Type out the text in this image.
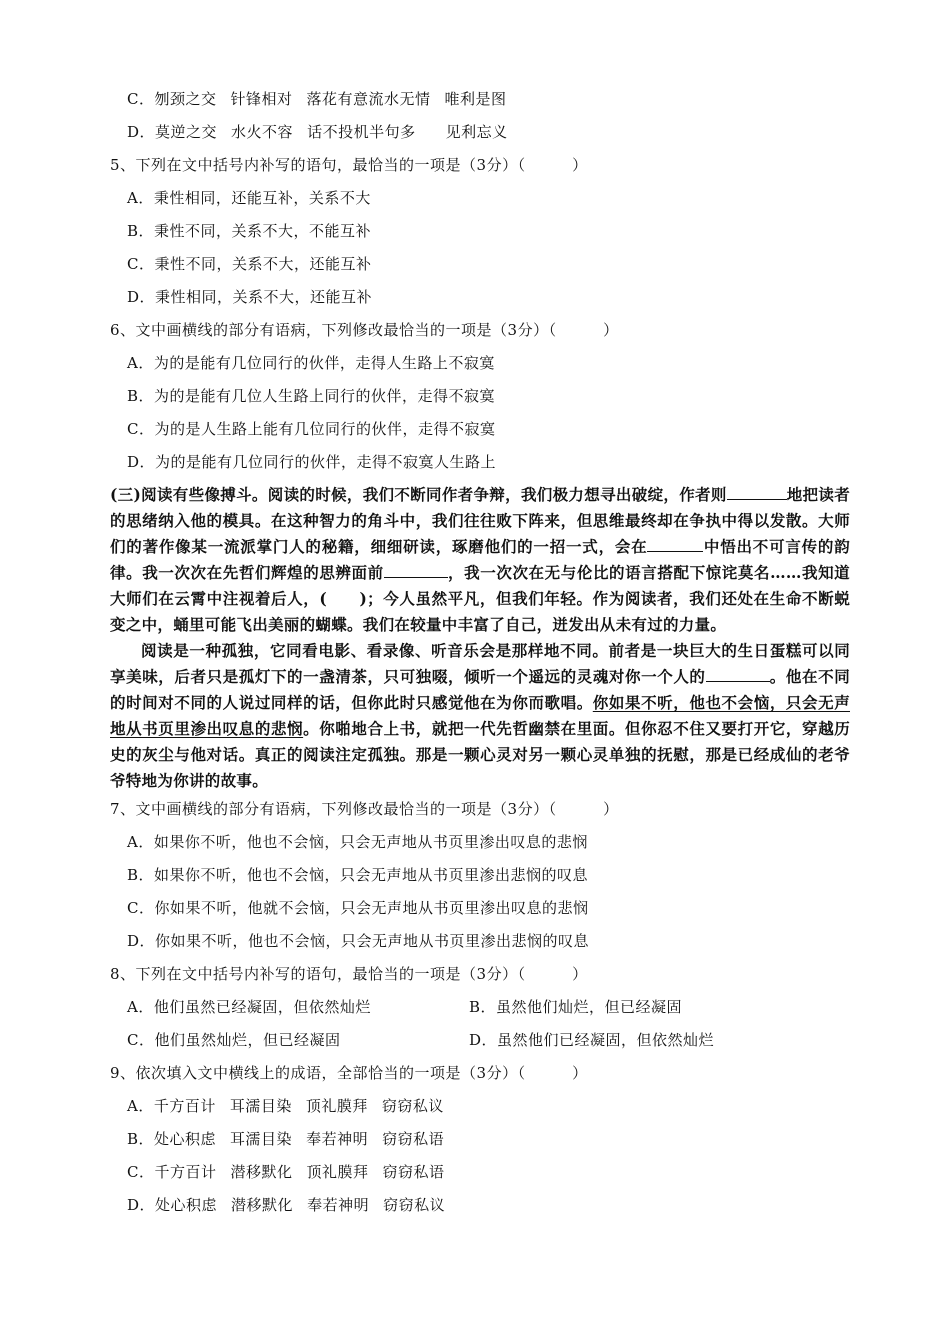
C．刎颈之交 针锋相对 落花有意流水无情 唯利是图
D．莫逆之交 水火不容 话不投机半句多 见利忘义
5、下列在文中括号内补写的语句，最恰当的一项是（3分）（　　　）
A．秉性相同，还能互补，关系不大
B．秉性不同，关系不大，不能互补
C．秉性不同，关系不大，还能互补
D．秉性相同，关系不大，还能互补
6、文中画横线的部分有语病，下列修改最恰当的一项是（3分）（　　　）
A．为的是能有几位同行的伙伴，走得人生路上不寂寞
B．为的是能有几位人生路上同行的伙伴，走得不寂寞
C．为的是人生路上能有几位同行的伙伴，走得不寂寞
D．为的是能有几位同行的伙伴，走得不寂寞人生路上

(三)阅读有些像搏斗。阅读的时候，我们不断同作者争辩，我们极力想寻出破绽，作者则	地把读者的思绪纳入他的模具。在这种智力的角斗中，我们往往败下阵来，但思维最终却在争执中得以发散。大师们的著作像某一流派掌门人的秘籍，细细研读，琢磨他们的一招一式，会在	中悟出不可言传的韵律。我一次次在先哲们辉煌的思辨面前	，我一次次在无与伦比的语言搭配下惊诧莫名……我知道大师们在云霄中注视着后人，(　　)；今人虽然平凡，但我们年轻。作为阅读者，我们还处在生命不断蜕变之中，蛹里可能飞出美丽的蝴蝶。我们在较量中丰富了自己，迸发出从未有过的力量。

阅读是一种孤独，它同看电影、看录像、听音乐会是那样地不同。前者是一块巨大的生日蛋糕可以同享美味，后者只是孤灯下的一盏清茶，只可独啜，倾听一个遥远的灵魂对你一个人的	。他在不同的时间对不同的人说过同样的话，但你此时只感觉他在为你而歌唱。你如果不听，他也不会恼，只会无声地从书页里渗出叹息的悲悯。你啪地合上书，就把一代先哲幽禁在里面。但你忍不住又要打开它，穿越历史的灰尘与他对话。真正的阅读注定孤独。那是一颗心灵对另一颗心灵单独的抚慰，那是已经成仙的老爷爷特地为你讲的故事。

7、文中画横线的部分有语病，下列修改最恰当的一项是（3分）（　　　）
A．如果你不听，他也不会恼，只会无声地从书页里渗出叹息的悲悯
B．如果你不听，他也不会恼，只会无声地从书页里渗出悲悯的叹息
C．你如果不听，他就不会恼，只会无声地从书页里渗出叹息的悲悯
D．你如果不听，他也不会恼，只会无声地从书页里渗出悲悯的叹息
8、下列在文中括号内补写的语句，最恰当的一项是（3分）（　　　）
A．他们虽然已经凝固，但依然灿烂	B．虽然他们灿烂，但已经凝固
C．他们虽然灿烂，但已经凝固	D．虽然他们已经凝固，但依然灿烂
9、依次填入文中横线上的成语，全部恰当的一项是（3分）（　　　）
A．千方百计 耳濡目染 顶礼膜拜 窃窃私议
B．处心积虑 耳濡目染 奉若神明 窃窃私语
C．千方百计 潜移默化 顶礼膜拜 窃窃私语
D．处心积虑 潜移默化 奉若神明 窃窃私议
